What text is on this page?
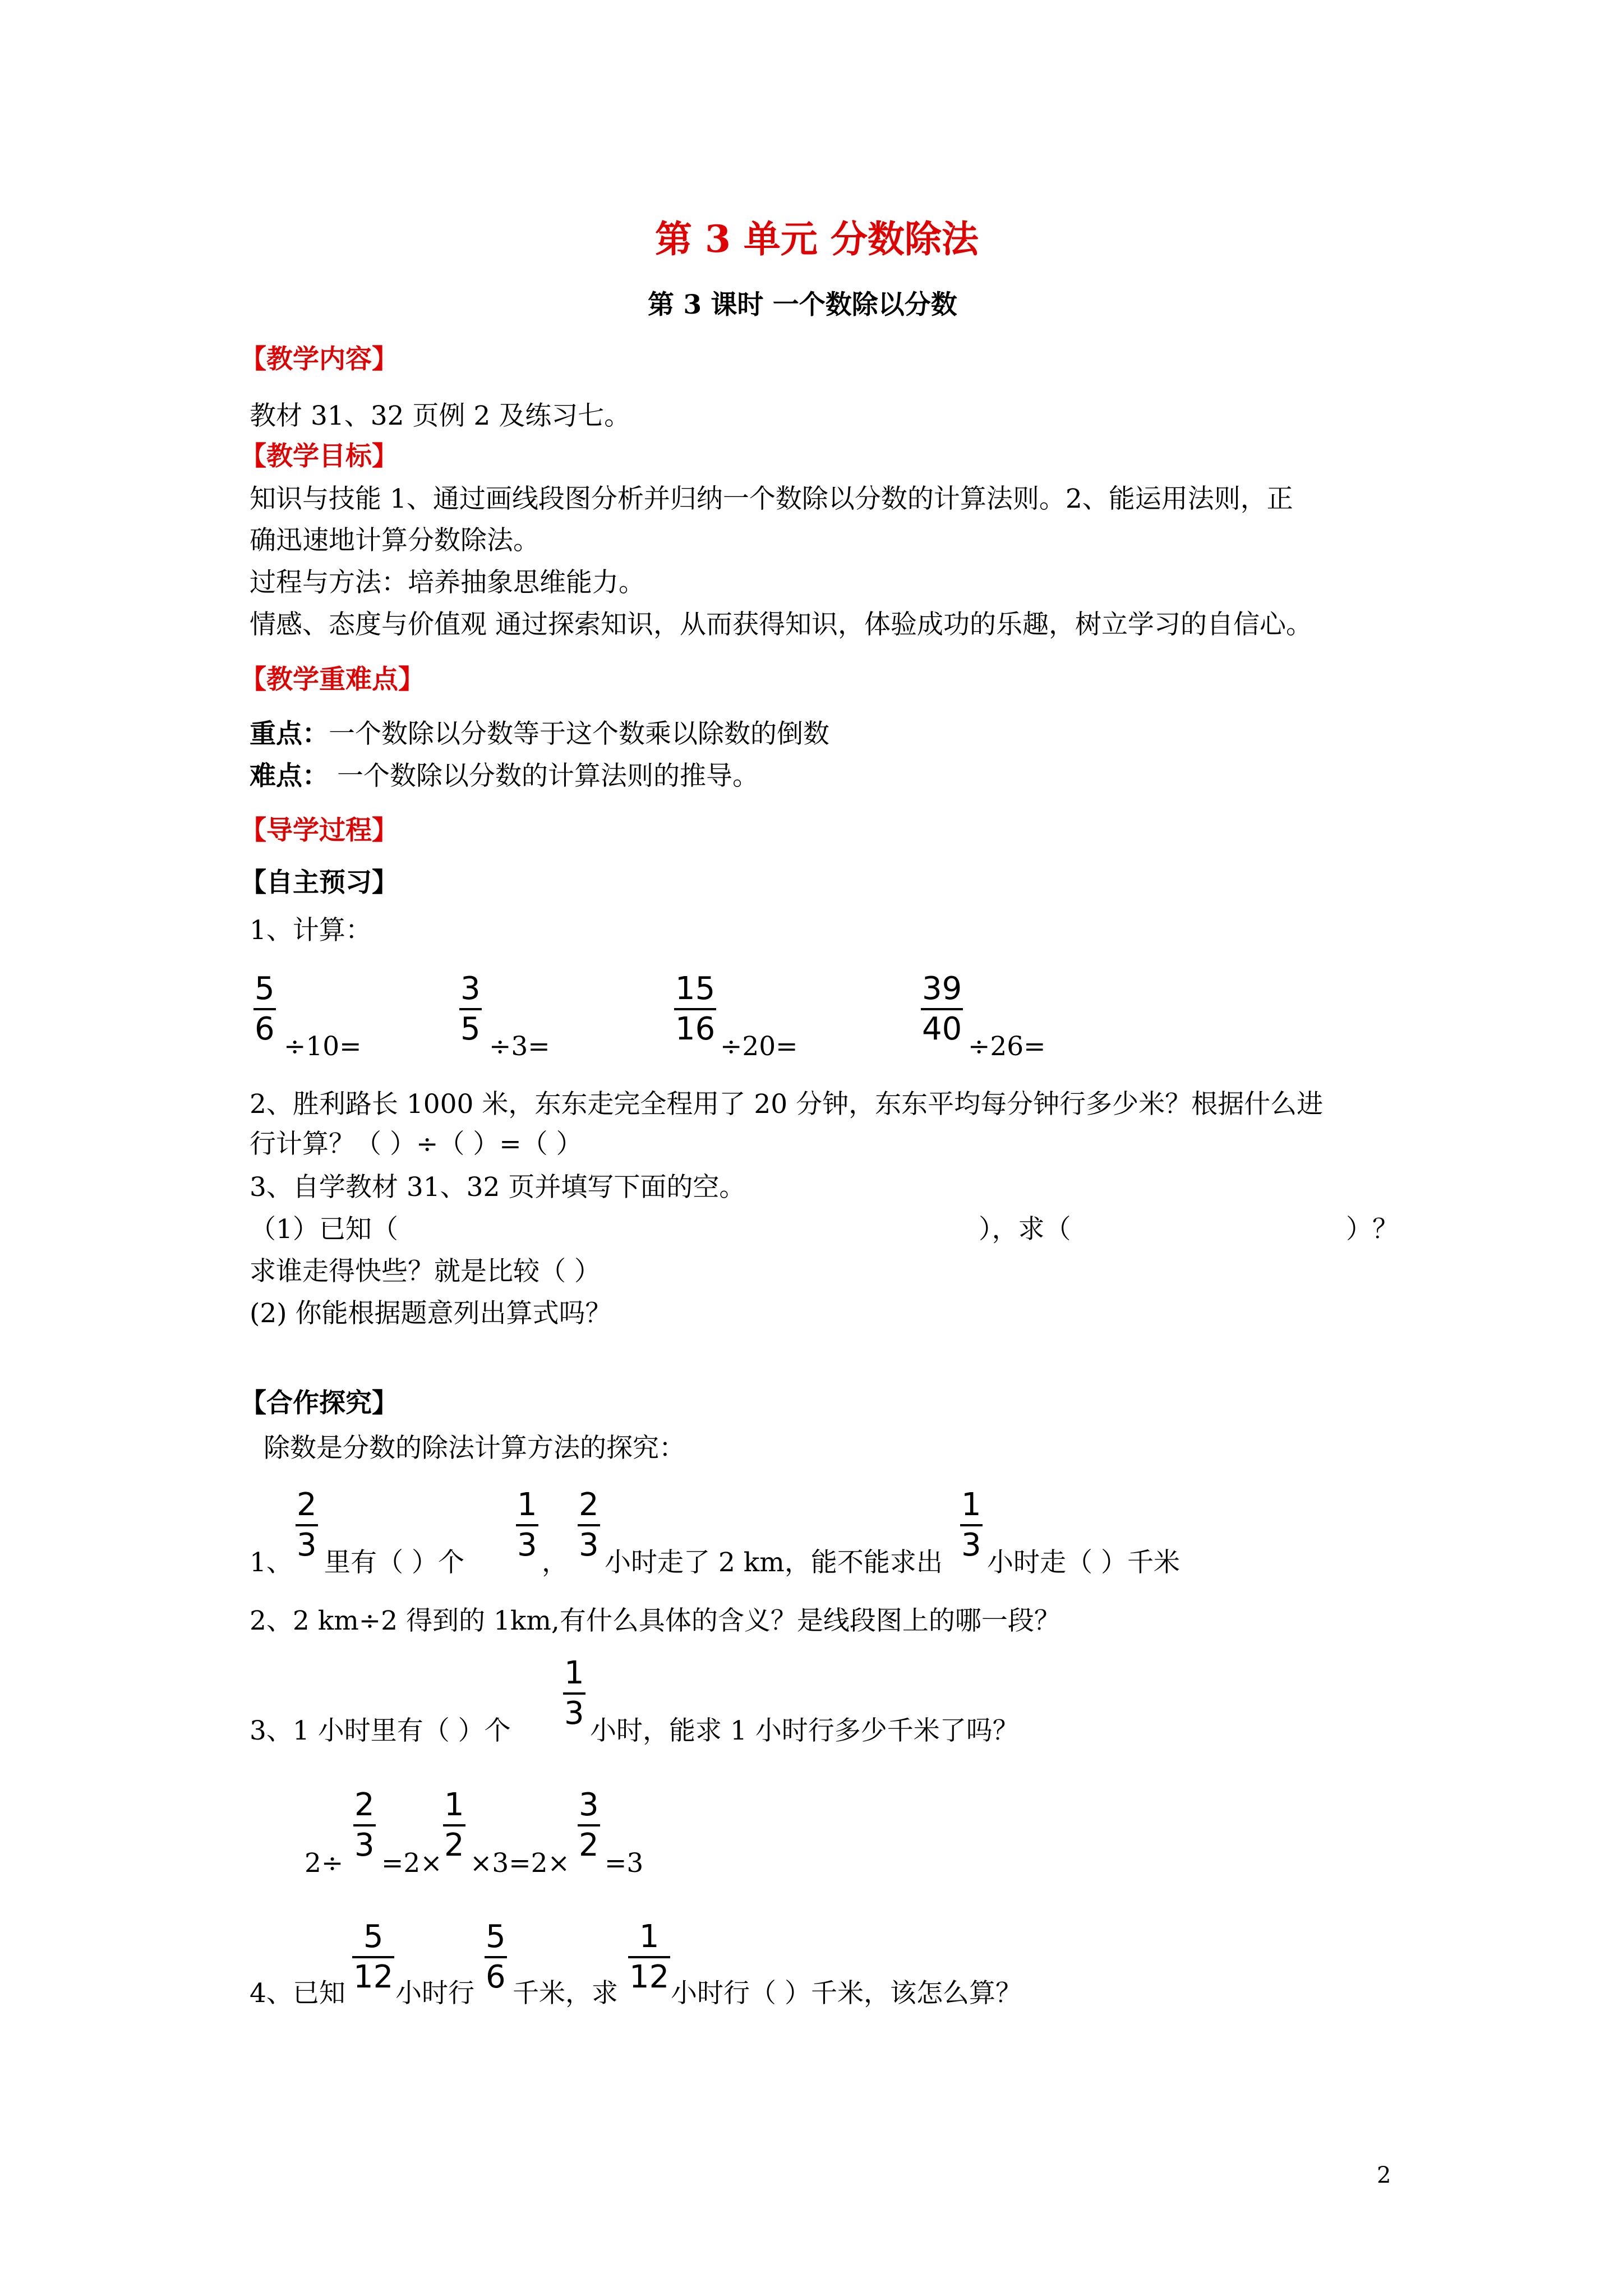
第 3 单元 分数除法
第 3 课时 一个数除以分数
【教学内容】
教材 31、32 页例 2 及练习七。
【教学目标】
知识与技能 1、通过画线段图分析并归纳一个数除以分数的计算法则。2、能运用法则，正
确迅速地计算分数除法。
过程与方法：培养抽象思维能力。
情感、态度与价值观 通过探索知识，从而获得知识，体验成功的乐趣，树立学习的自信心。
【教学重难点】
重点：一个数除以分数等于这个数乘以除数的倒数
难点： 一个数除以分数的计算法则的推导。
【导学过程】
【自主预习】
1、计算：
5
6 ÷10=
3
5 ÷3=
15
16 ÷20=
39
40 ÷26=
2、胜利路长 1000 米，东东走完全程用了 20 分钟，东东平均每分钟行多少米？根据什么进
行计算？（ ）÷（ ）=（ ）
3、自学教材 31、32 页并填写下面的空。
（1）已知（	），求（	）？
求谁走得快些？就是比较（ ）
(2) 你能根据题意列出算式吗？
【合作探究】
除数是分数的除法计算方法的探究：
1、
2
3 里有（ ）个
1
3 ，
2
3 小时走了 2 km，能不能求出
1
3 小时走（ ）千米
2、2 km÷2 得到的 1km,有什么具体的含义？是线段图上的哪一段？
3、1 小时里有（ ）个
1
3 小时，能求 1 小时行多少千米了吗？
2÷
2
3 =2×
1
2 ×3=2×
3
2 =3
4、已知
5
12 小时行
5
6 千米，求
1
12 小时行（ ）千米，该怎么算？
2
